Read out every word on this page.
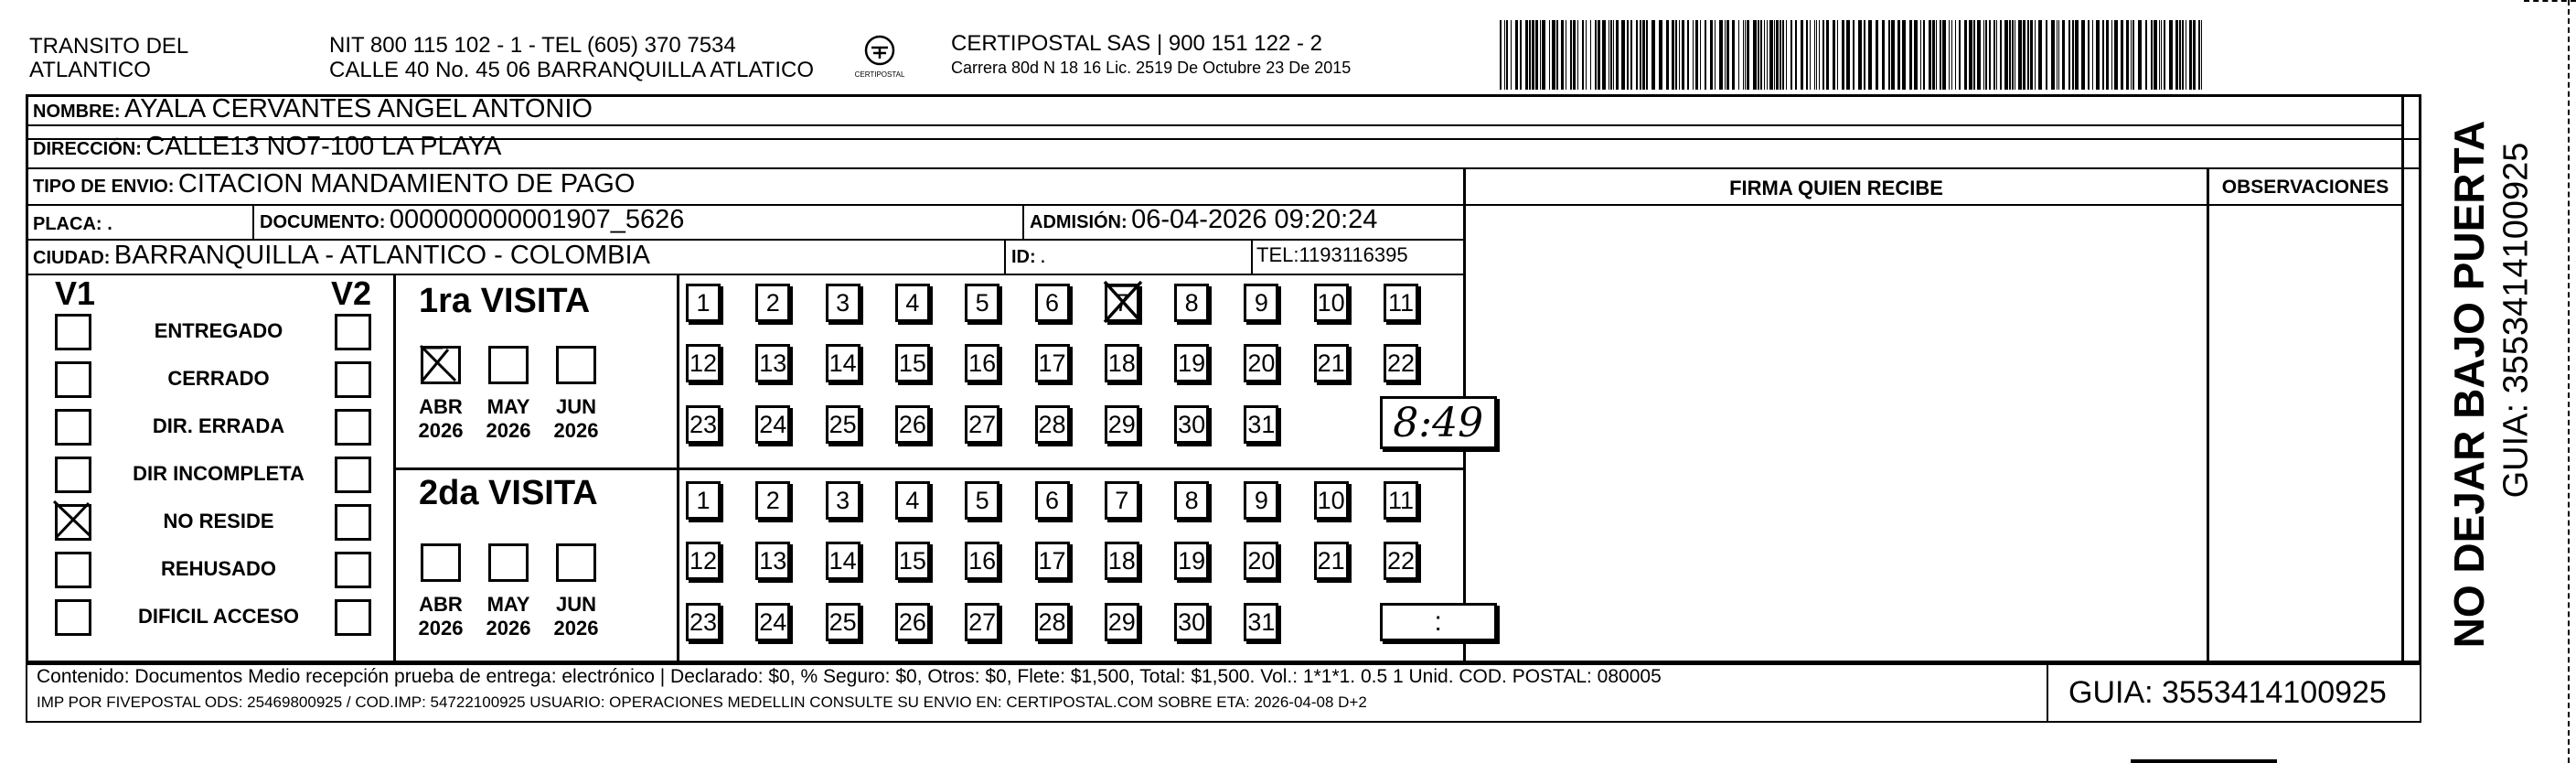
TRANSITO DEL
ATLANTICO
NIT 800 115 102 - 1 - TEL (605) 370 7534
CALLE 40 No. 45 06 BARRANQUILLA ATLATICO	CERTIPOSTAL
CERTIPOSTAL SAS | 900 151 122 - 2
Carrera 80d N 18 16 Lic. 2519 De Octubre 23 De 2015
NOMBRE: AYALA CERVANTES ANGEL ANTONIO
DIRECCIÓN: CALLE13 NO7-100 LA PLAYA
TIPO DE ENVIO: CITACION MANDAMIENTO DE PAGO	FIRMA QUIEN RECIBE	OBSERVACIONES
PLACA: .	DOCUMENTO: 000000000001907_5626	ADMISIÓN: 06-04-2026 09:20:24
CIUDAD: BARRANQUILLA - ATLANTICO - COLOMBIA	ID: .	TEL:1193116395
V1	V2
ENTREGADO
CERRADO
DIR. ERRADA
DIR INCOMPLETA
NO RESIDE
REHUSADO
DIFICIL ACCESO
1ra VISITA
2da VISITA
ABR
2026
MAY
2026
JUN
2026
1	2	3	4	5	6	7	8	9	10 11
12 13 14 15 16 17 18 19 20 21 22
23 24 25 26 27 28 29 30 31	8:49
ABR
2026
MAY
2026
JUN
2026
1	2	3	4	5	6	7	8	9	10 11
12 13 14 15 16 17 18 19 20 21 22
23 24 25 26 27 28 29 30 31	:
Contenido: Documentos Medio recepción prueba de entrega: electrónico | Declarado: $0, % Seguro: $0, Otros: $0, Flete: $1,500, Total: $1,500. Vol.: 1*1*1. 0.5 1 Unid. COD. POSTAL: 080005
IMP POR FIVEPOSTAL ODS: 25469800925 / COD.IMP: 54722100925 USUARIO: OPERACIONES MEDELLIN CONSULTE SU ENVIO EN: CERTIPOSTAL.COM SOBRE ETA: 2026-04-08 D+2	GUIA: 3553414100925
NO DEJAR BAJO PUERTA GUIA: 3553414100925
